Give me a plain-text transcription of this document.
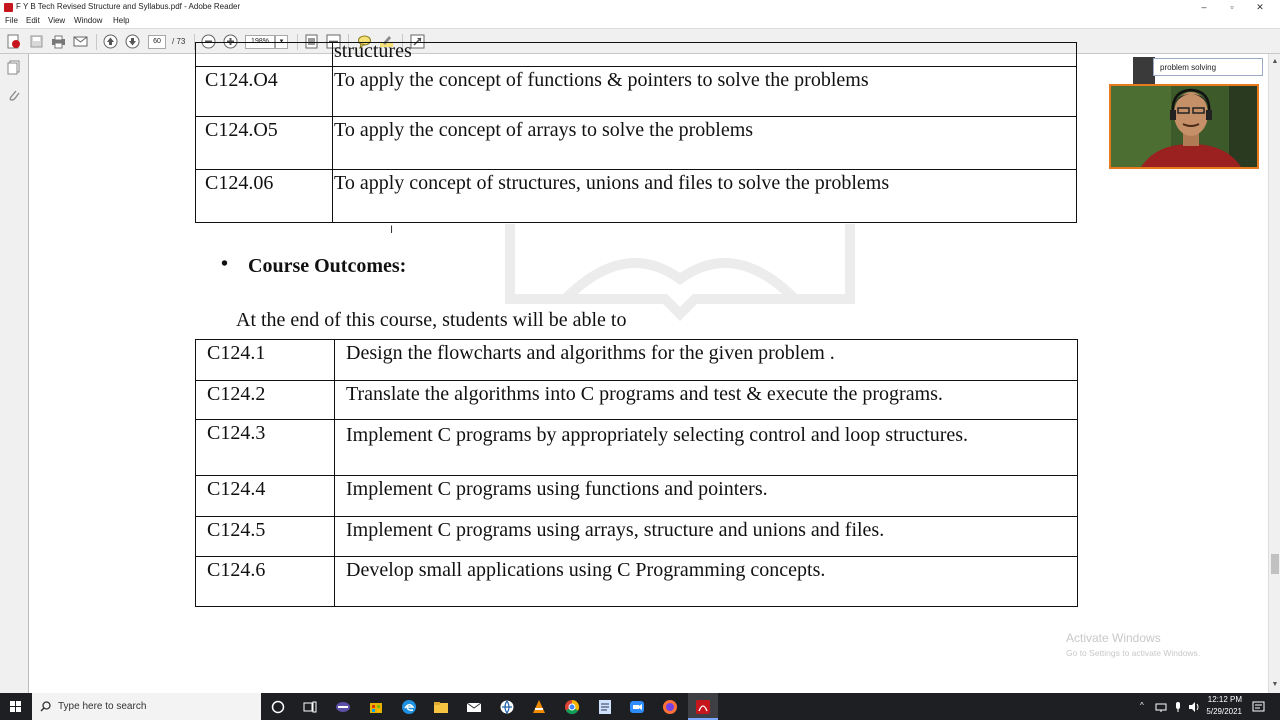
F Y B Tech Revised Structure and Syllabus.pdf - Adobe Reader	–	▫	✕
File Edit View Window Help
60	/ 73	198%	▾
		structures
C124.O4	To apply the concept of functions & pointers to solve the problems
C124.O5	To apply the concept of arrays to solve the problems
C124.06	To apply concept of structures, unions and files to solve the problems
I
• Course Outcomes:
At the end of this course, students will be able to
C124.1	Design the flowcharts and algorithms for the given problem .
C124.2	Translate the algorithms into C programs and test & execute the programs.
C124.3	Implement C programs by appropriately selecting control and loop structures.
C124.4	Implement C programs using functions and pointers.
C124.5	Implement C programs using arrays, structure and unions and files.
C124.6	Develop small applications using C Programming concepts.
Activate Windows
Go to Settings to activate Windows.
▲
▼
problem solving
Type here to search	^
12:12 PM
5/29/2021
